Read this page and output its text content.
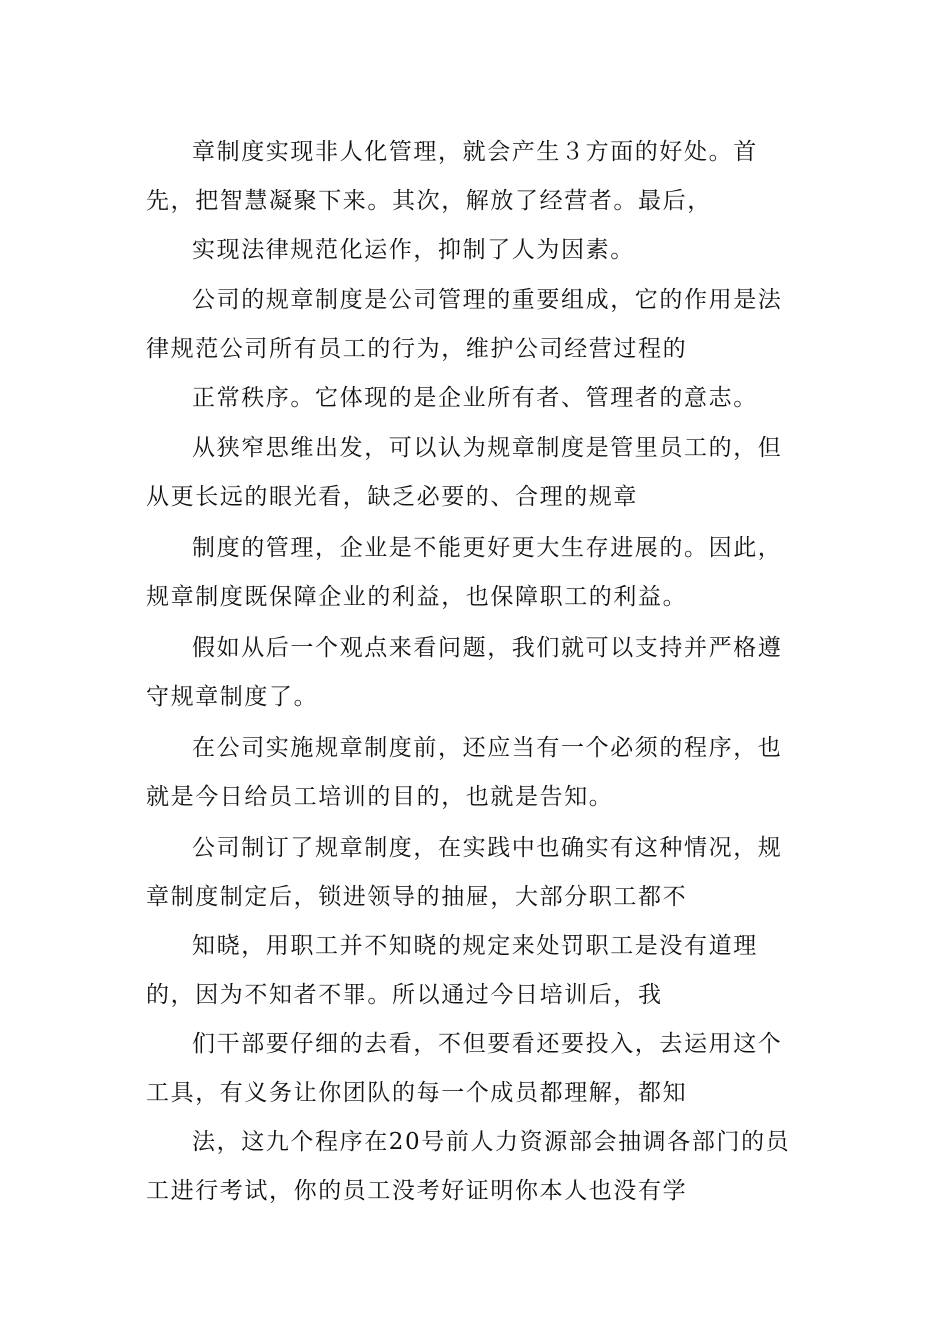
章制度实现非人化管理，就会产生３方面的好处。首先，把智慧凝聚下来。其次，解放了经营者。最后，

实现法律规范化运作，抑制了人为因素。

公司的规章制度是公司管理的重要组成，它的作用是法律规范公司所有员工的行为，维护公司经营过程的

正常秩序。它体现的是企业所有者、管理者的意志。

从狭窄思维出发，可以认为规章制度是管里员工的，但从更长远的眼光看，缺乏必要的、合理的规章

制度的管理，企业是不能更好更大生存进展的。因此，规章制度既保障企业的利益，也保障职工的利益。

假如从后一个观点来看问题，我们就可以支持并严格遵守规章制度了。

在公司实施规章制度前，还应当有一个必须的程序，也就是今日给员工培训的目的，也就是告知。

公司制订了规章制度，在实践中也确实有这种情况，规章制度制定后，锁进领导的抽屉，大部分职工都不

知晓，用职工并不知晓的规定来处罚职工是没有道理的，因为不知者不罪。所以通过今日培训后，我

们干部要仔细的去看，不但要看还要投入，去运用这个工具，有义务让你团队的每一个成员都理解，都知

法，这九个程序在20号前人力资源部会抽调各部门的员工进行考试，你的员工没考好证明你本人也没有学
